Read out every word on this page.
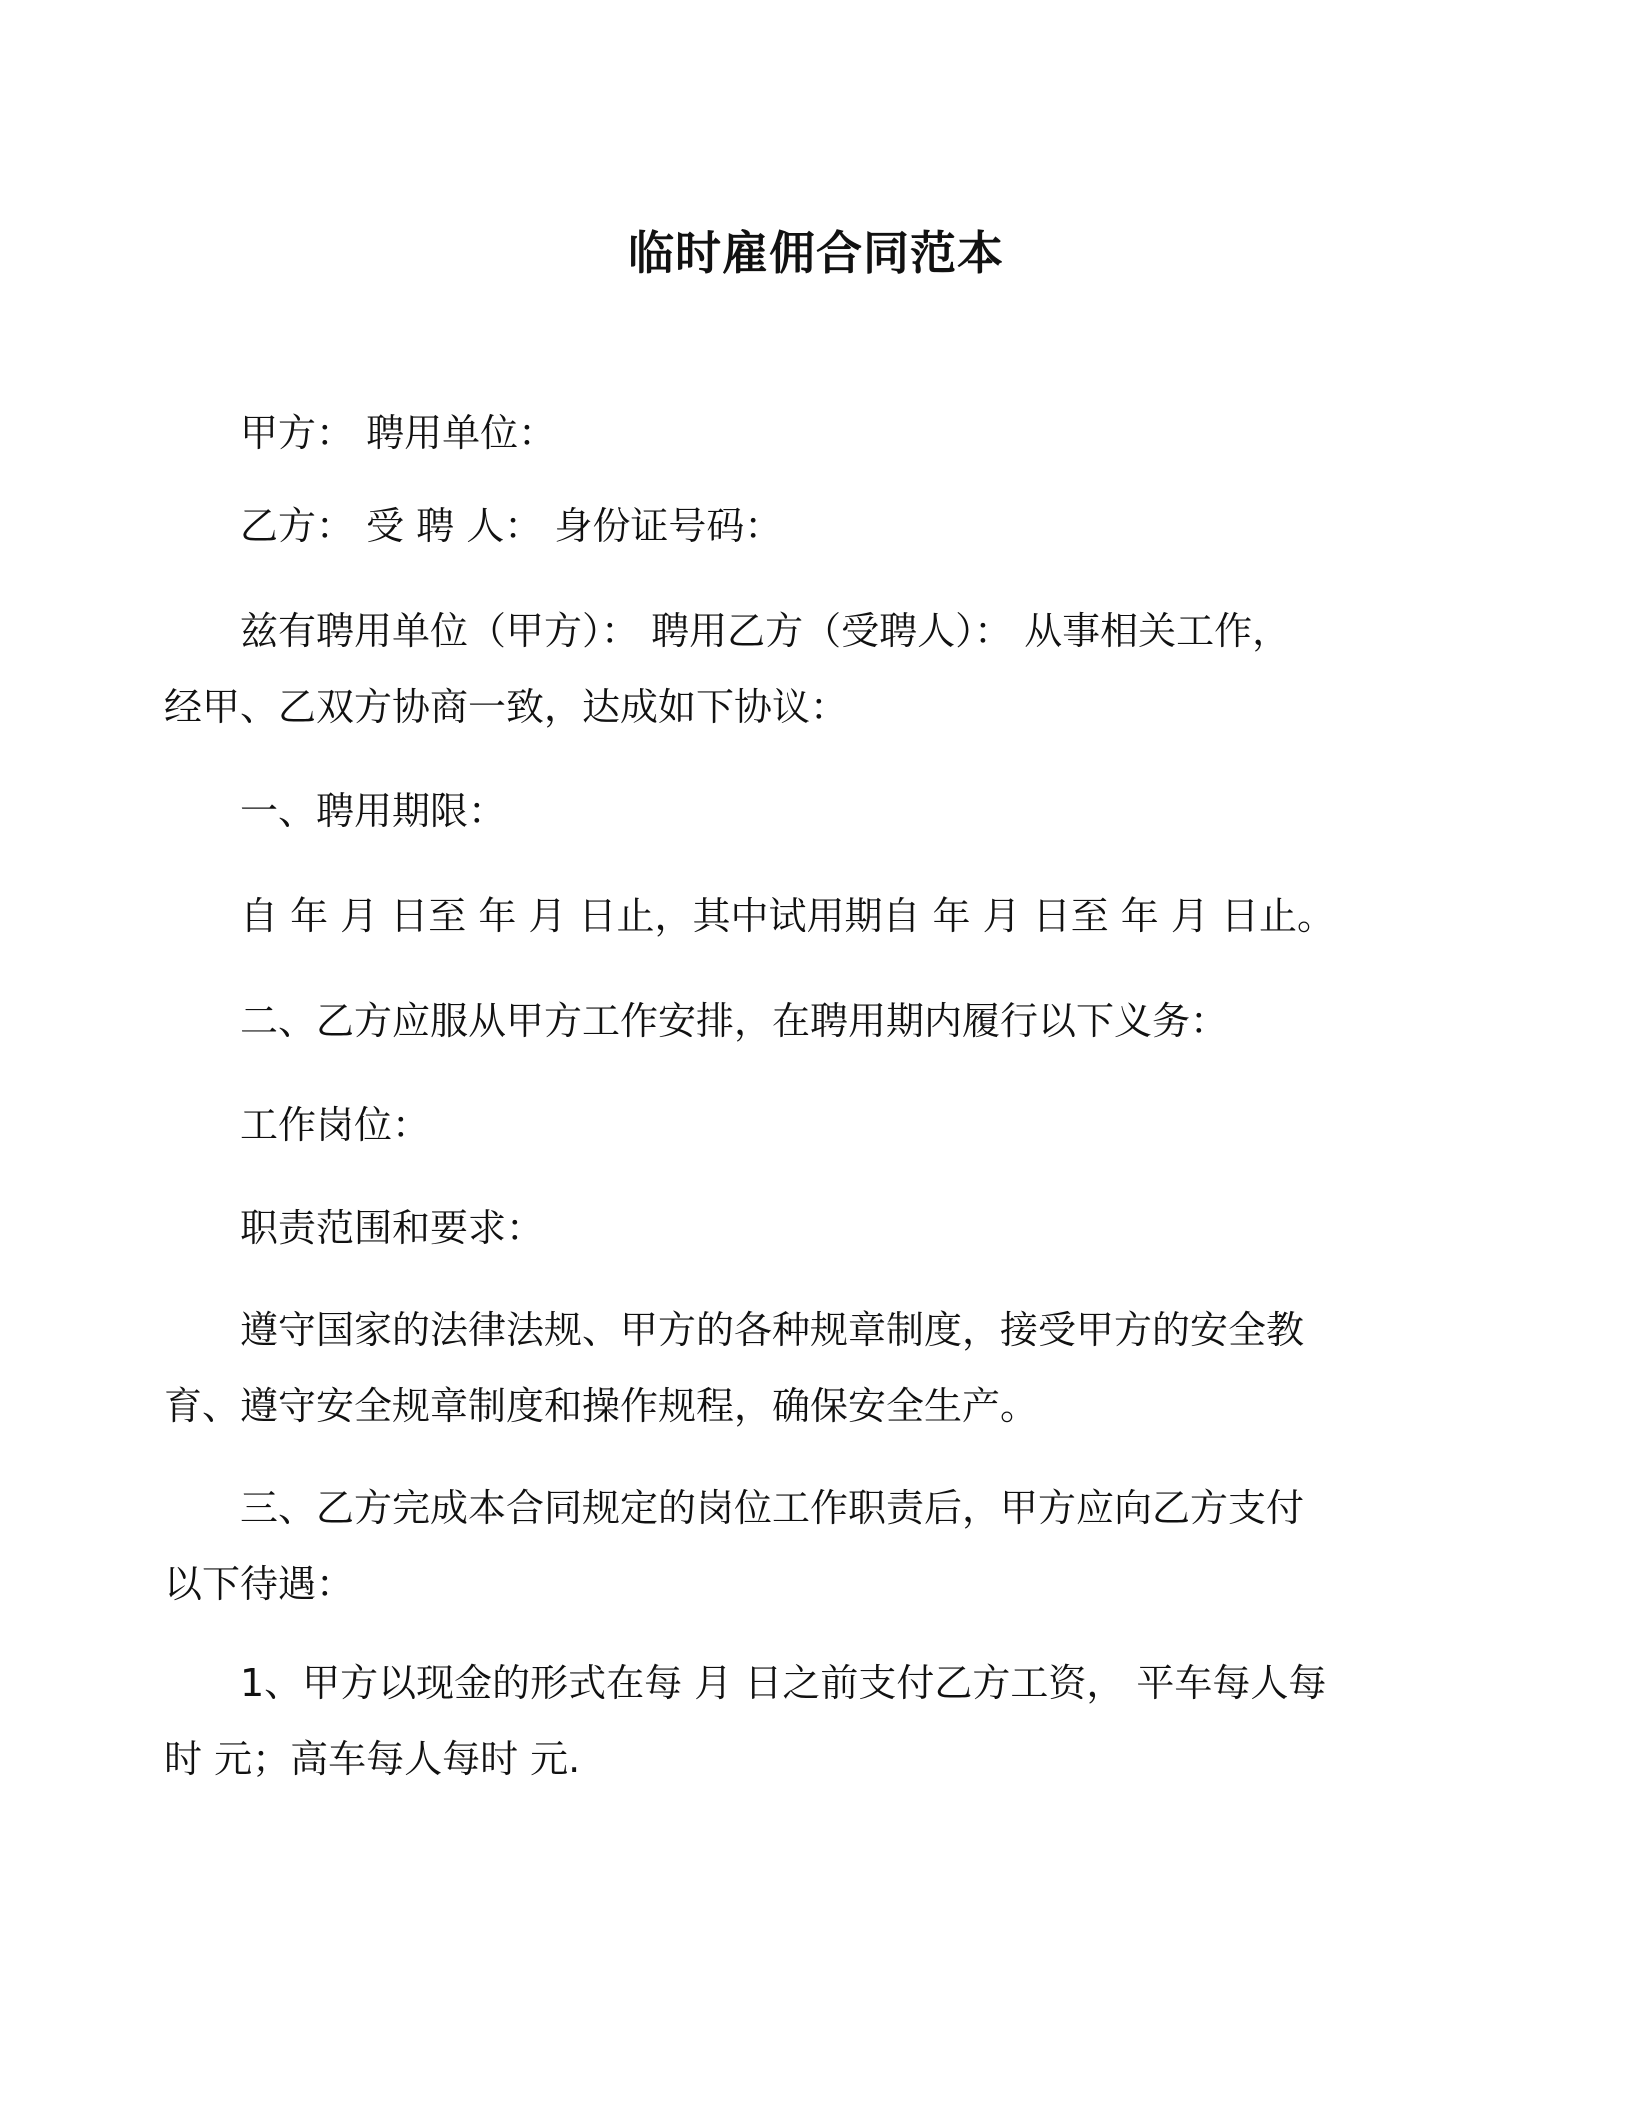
临时雇佣合同范本

甲方： 聘用单位：

乙方： 受 聘 人： 身份证号码：

兹有聘用单位（甲方）： 聘用乙方（受聘人）： 从事相关工作，
经甲、乙双方协商一致，达成如下协议：

一、聘用期限：

自 年 月 日至 年 月 日止，其中试用期自 年 月 日至 年 月 日止。

二、乙方应服从甲方工作安排，在聘用期内履行以下义务：

工作岗位：

职责范围和要求：

遵守国家的法律法规、甲方的各种规章制度，接受甲方的安全教
育、遵守安全规章制度和操作规程，确保安全生产。
三、乙方完成本合同规定的岗位工作职责后，甲方应向乙方支付
以下待遇：
1、甲方以现金的形式在每 月 日之前支付乙方工资， 平车每人每
时 元；高车每人每时 元.
